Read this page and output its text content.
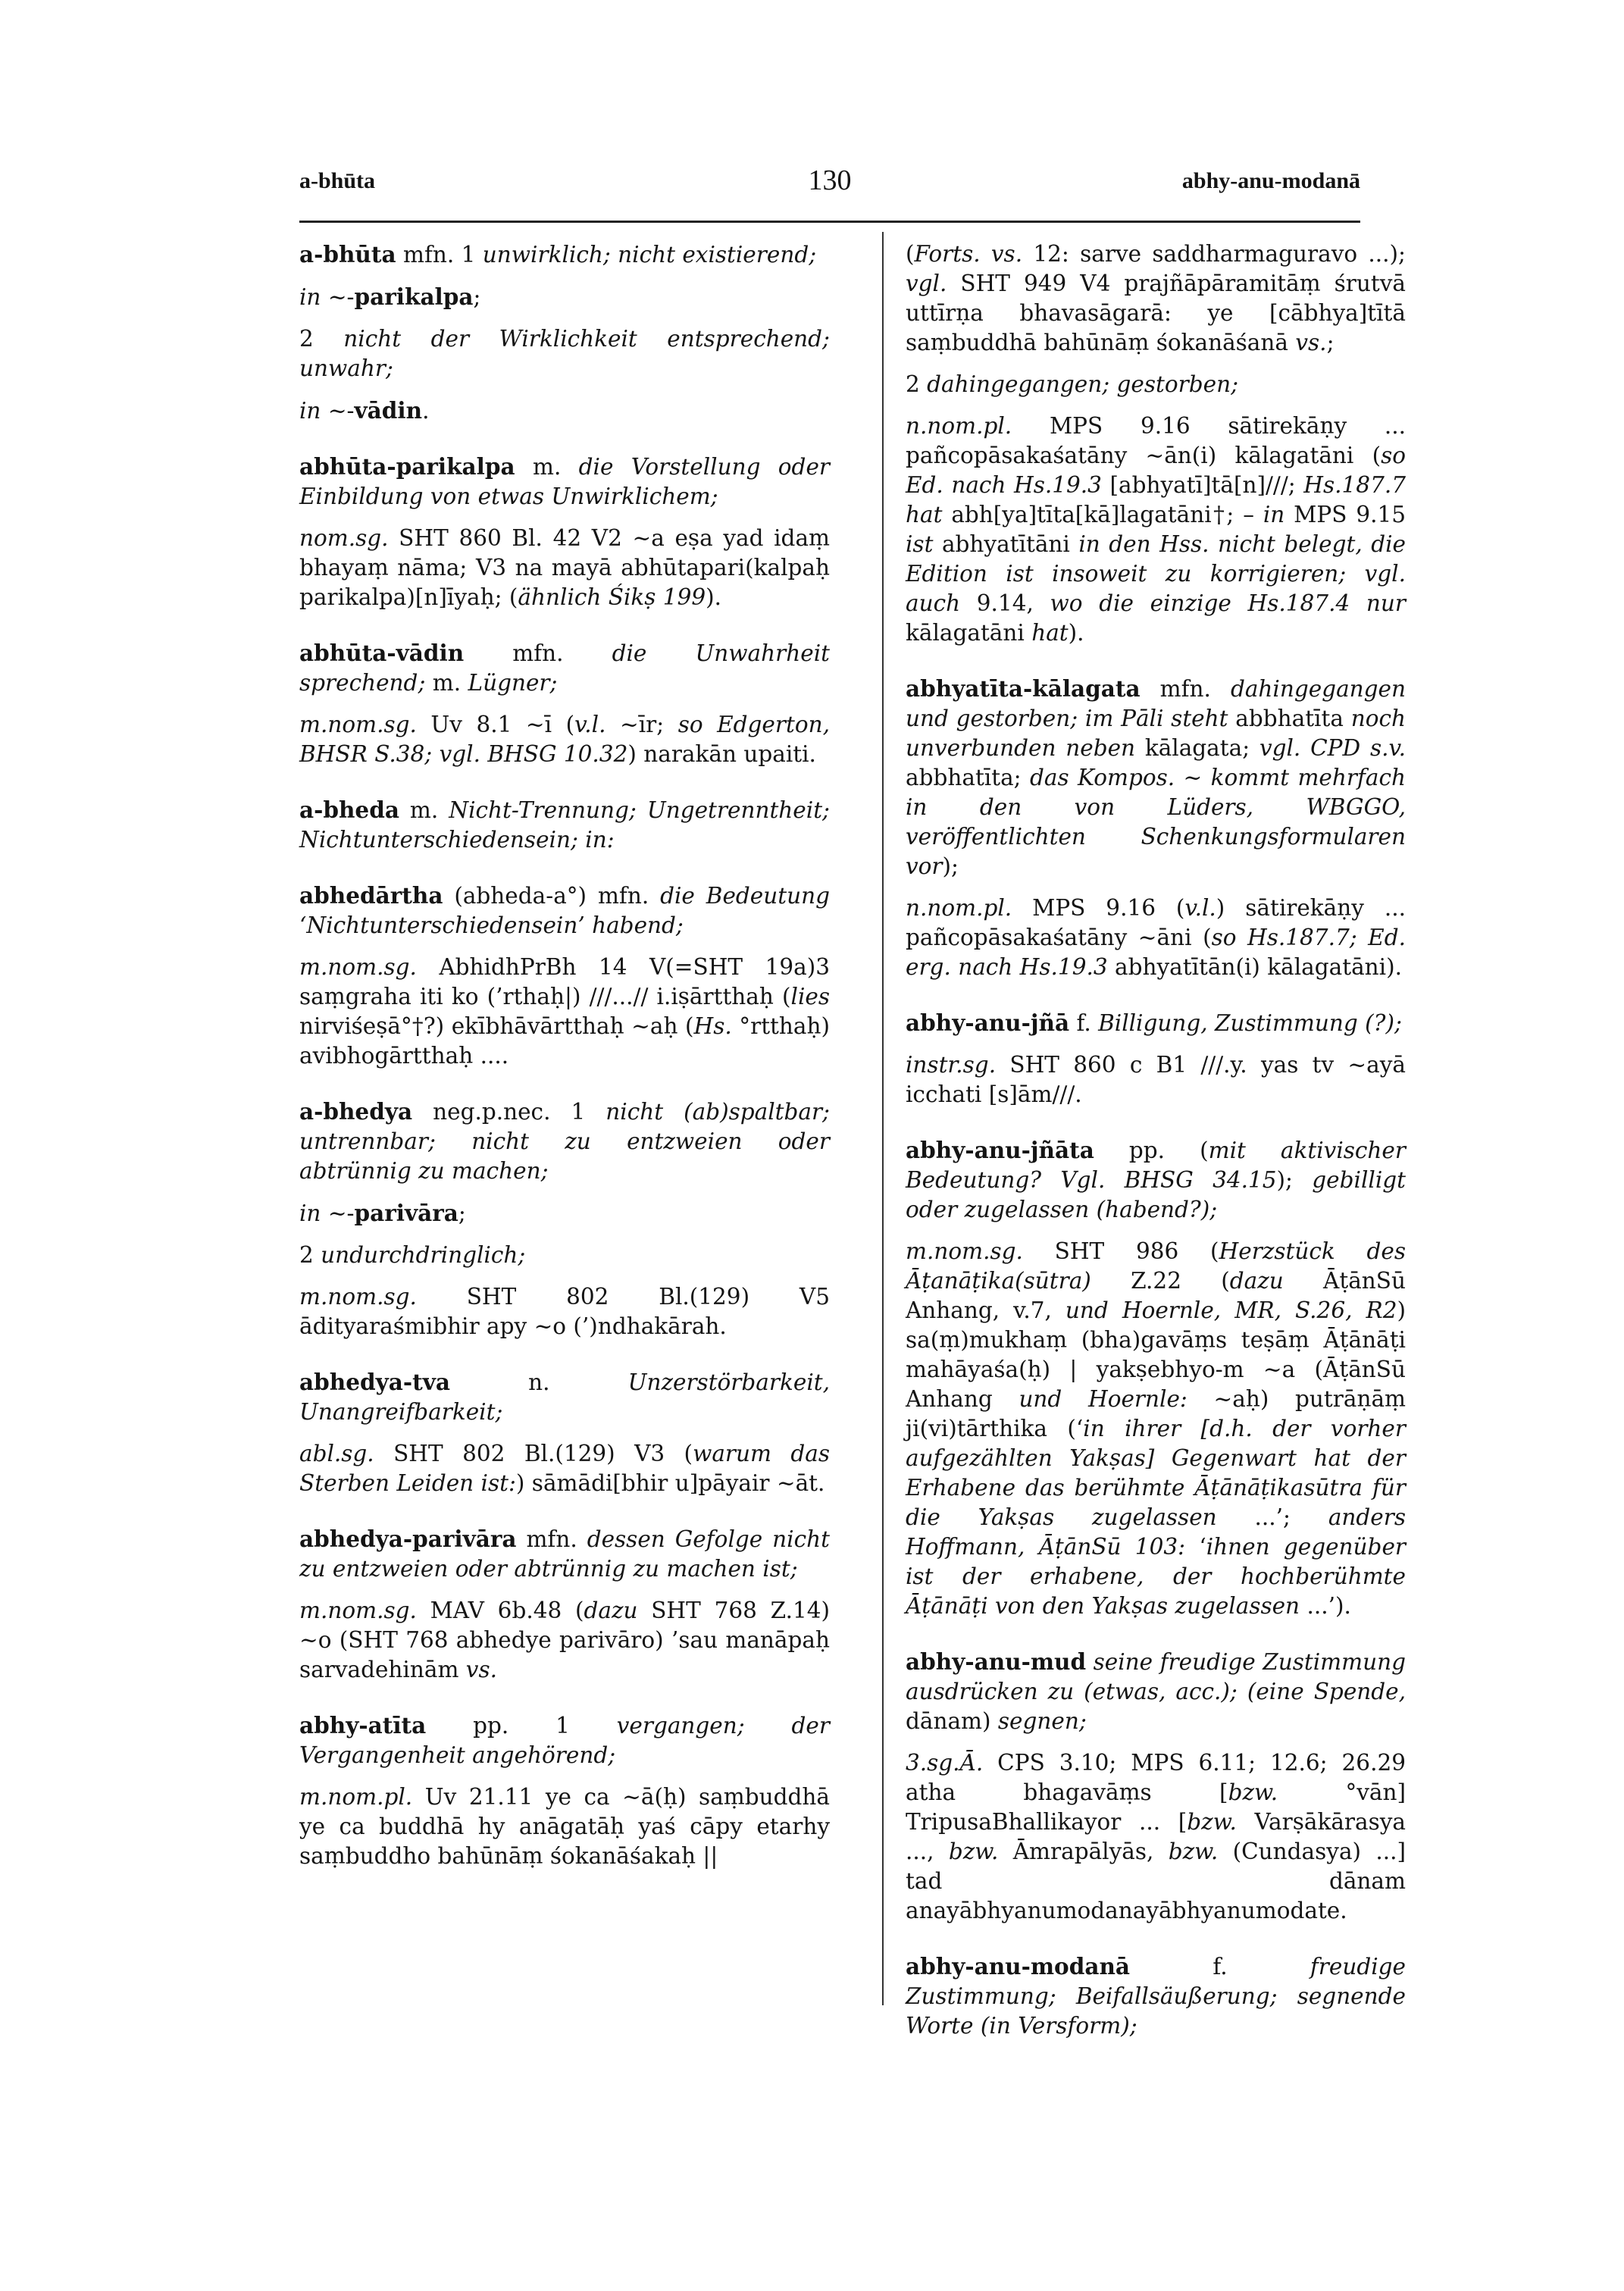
a-bhūta	130	abhy-anu-modanā

a-bhūta mfn. 1 unwirklich; nicht existierend;

in ~-parikalpa;

2 nicht der Wirklichkeit entsprechend; unwahr;

in ~-vādin.

abhūta-parikalpa m. die Vorstellung oder Einbildung von etwas Unwirklichem;

nom.sg. SHT 860 Bl. 42 V2 ~a eṣa yad idaṃ bhayaṃ nāma; V3 na mayā abhūtapari(kalpaḥ parikalpa)[n]īyaḥ; (ähnlich Śikṣ 199).

abhūta-vādin mfn. die Unwahrheit sprechend; m. Lügner;

m.nom.sg. Uv 8.1 ~ī (v.l. ~īr; so Edgerton, BHSR S.38; vgl. BHSG 10.32) narakān upaiti.

a-bheda m. Nicht-Trennung; Ungetrenntheit; Nichtunterschiedensein; in:

abhedārtha (abheda-a°) mfn. die Bedeutung ‘Nichtunterschiedensein’ habend;

m.nom.sg. AbhidhPrBh 14 V(=SHT 19a)3 saṃgraha iti ko (’rthaḥ|) ///...// i.iṣārtthaḥ (lies nirviśeṣā°†?) ekībhāvārtthaḥ ~aḥ (Hs. °rtthaḥ) avibhogārtthaḥ ....

a-bhedya neg.p.nec. 1 nicht (ab)spaltbar; untrennbar; nicht zu entzweien oder abtrünnig zu machen;

in ~-parivāra;

2 undurchdringlich;

m.nom.sg. SHT 802 Bl.(129) V5 ādityaraśmibhir apy ~o (’)ndhakārah.

abhedya-tva n. Unzerstörbarkeit, Unangreifbarkeit;

abl.sg. SHT 802 Bl.(129) V3 (warum das Sterben Leiden ist:) sāmādi[bhir u]pāyair ~āt.

abhedya-parivāra mfn. dessen Gefolge nicht zu entzweien oder abtrünnig zu machen ist;

m.nom.sg. MAV 6b.48 (dazu SHT 768 Z.14) ~o (SHT 768 abhedye parivāro) ’sau manāpaḥ sarvadehinām vs.

abhy-atīta pp. 1 vergangen; der Vergangenheit angehörend;

m.nom.pl. Uv 21.11 ye ca ~ā(ḥ) saṃbuddhā ye ca buddhā hy anāgatāḥ yaś cāpy etarhy saṃbuddho bahūnāṃ śokanāśakaḥ ||

(Forts. vs. 12: sarve saddharmaguravo ...); vgl. SHT 949 V4 prajñāpāramitāṃ śrutvā uttīrṇa bhavasāgarā: ye [cābhya]tītā saṃbuddhā bahūnāṃ śokanāśanā vs.;

2 dahingegangen; gestorben;

n.nom.pl. MPS 9.16 sātirekāṇy ... pañcopāsakaśatāny ~ān(i) kālagatāni (so Ed. nach Hs.19.3 [abhyatī]tā[n]///; Hs.187.7 hat abh[ya]tīta[kā]lagatāni†; – in MPS 9.15 ist abhyatītāni in den Hss. nicht belegt, die Edition ist insoweit zu korrigieren; vgl. auch 9.14, wo die einzige Hs.187.4 nur kālagatāni hat).

abhyatīta-kālagata mfn. dahingegangen und gestorben; im Pāli steht abbhatīta noch unverbunden neben kālagata; vgl. CPD s.v. abbhatīta; das Kompos. ~ kommt mehrfach in den von Lüders, WBGGO, veröffentlichten Schenkungsformularen vor);

n.nom.pl. MPS 9.16 (v.l.) sātirekāṇy ... pañcopāsakaśatāny ~āni (so Hs.187.7; Ed. erg. nach Hs.19.3 abhyatītān(i) kālagatāni).

abhy-anu-jñā f. Billigung, Zustimmung (?);

instr.sg. SHT 860 c B1 ///.y. yas tv ~ayā icchati [s]ām///.

abhy-anu-jñāta pp. (mit aktivischer Bedeutung? Vgl. BHSG 34.15); gebilligt oder zugelassen (habend?);

m.nom.sg. SHT 986 (Herzstück des Āṭanāṭika(sūtra) Z.22 (dazu ĀṭānSū Anhang, v.7, und Hoernle, MR, S.26, R2) sa(ṃ)mukhaṃ (bha)gavāṃs teṣāṃ Āṭānāṭi mahāyaśa(ḥ) | yakṣebhyo-m ~a (ĀṭānSū Anhang und Hoernle: ~aḥ) putrāṇāṃ ji(vi)tārthika (‘in ihrer [d.h. der vorher aufgezählten Yakṣas] Gegenwart hat der Erhabene das berühmte Āṭānāṭikasūtra für die Yakṣas zugelassen ...’; anders Hoffmann, ĀṭānSū 103: ‘ihnen gegenüber ist der erhabene, der hochberühmte Āṭānāṭi von den Yakṣas zugelassen ...’).

abhy-anu-mud seine freudige Zustimmung ausdrücken zu (etwas, acc.); (eine Spende, dānam) segnen;

3.sg.Ā. CPS 3.10; MPS 6.11; 12.6; 26.29 atha bhagavāṃs [bzw. °vān] TripusaBhallikayor ... [bzw. Varṣākārasya ..., bzw. Āmrapālyās, bzw. (Cundasya) ...] tad dānam anayābhyanumodanayābhyanumodate.

abhy-anu-modanā f. freudige Zustimmung; Beifallsäußerung; segnende Worte (in Versform);
